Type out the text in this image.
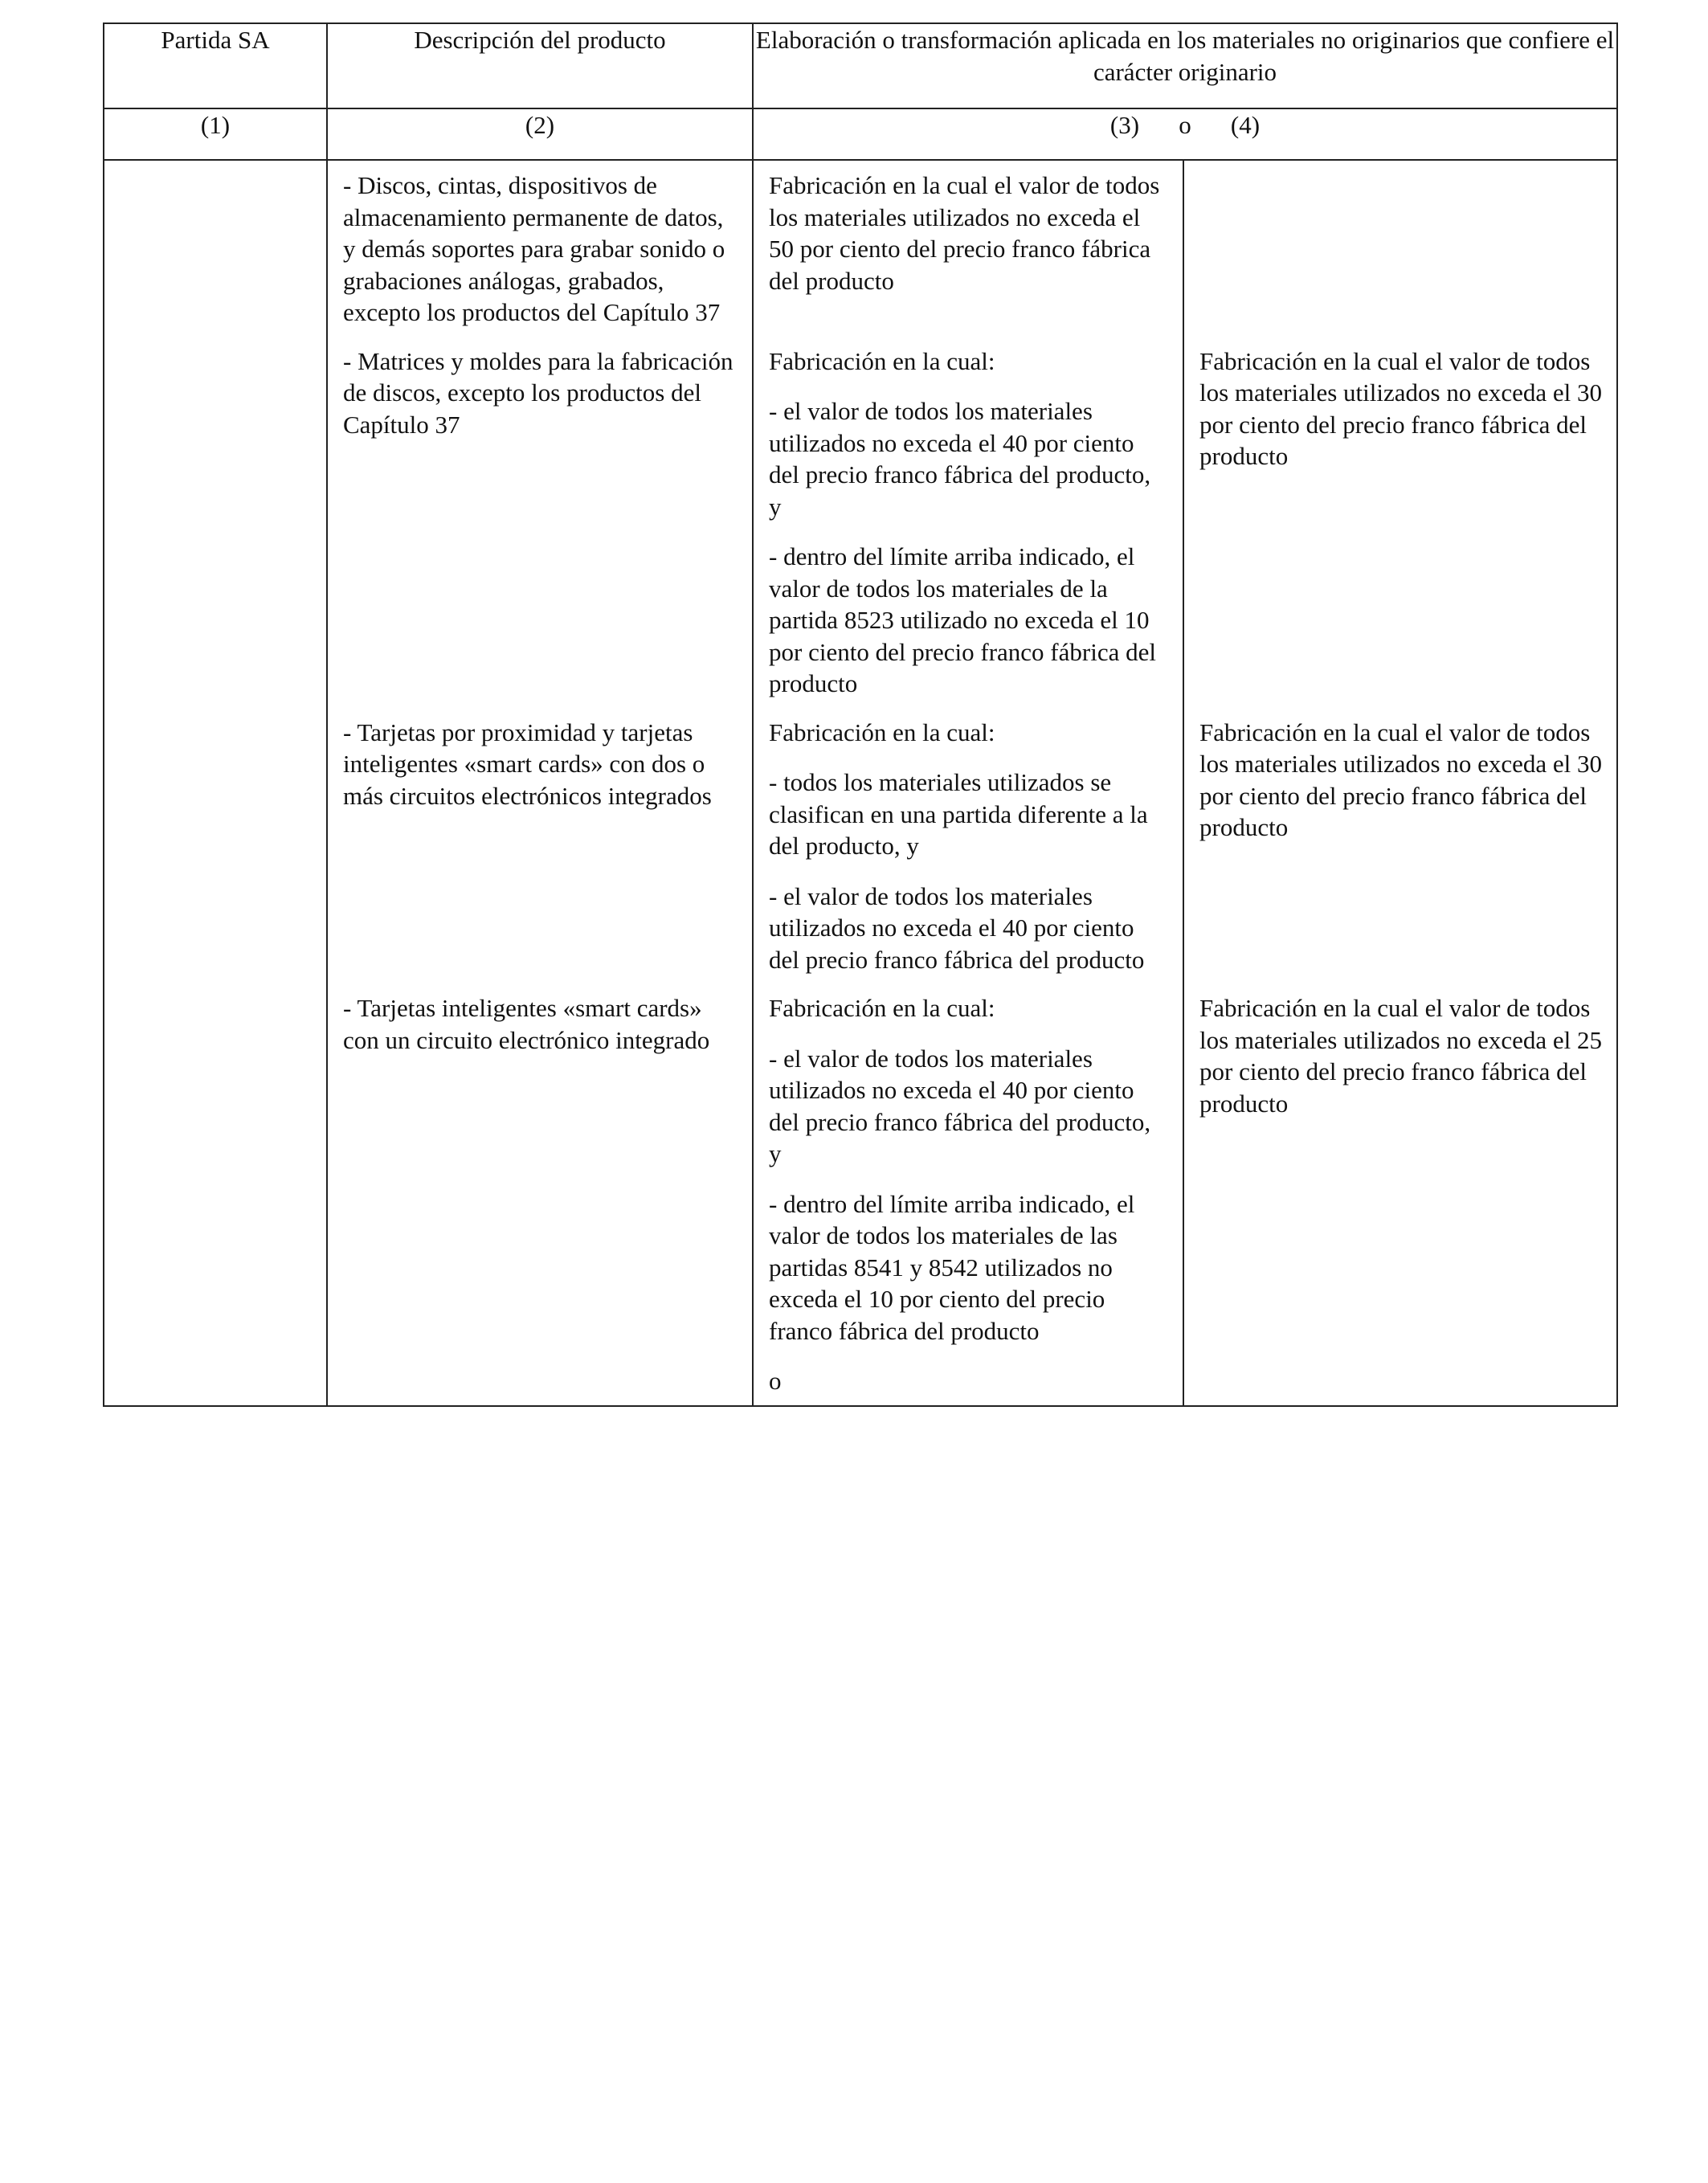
Partida SA	Descripción del producto	Elaboración o transformación aplicada en los materiales no originarios que confiere el carácter originario	
(1)	(2)	(3) o (4)	

	- Discos, cintas, dispositivos de almacenamiento permanente de datos, y demás soportes para grabar sonido o grabaciones análogas, grabados, excepto los productos del Capítulo 37	Fabricación en la cual el valor de todos los materiales utilizados no exceda el 50 por ciento del precio franco fábrica del producto	

	- Matrices y moldes para la fabricación de discos, excepto los productos del Capítulo 37	Fabricación en la cual:
- el valor de todos los materiales utilizados no exceda el 40 por ciento del precio franco fábrica del producto, y
- dentro del límite arriba indicado, el valor de todos los materiales de la partida 8523 utilizado no exceda el 10 por ciento del precio franco fábrica del producto	Fabricación en la cual el valor de todos los materiales utilizados no exceda el 30 por ciento del precio franco fábrica del producto

	- Tarjetas por proximidad y tarjetas inteligentes «smart cards» con dos o más circuitos electrónicos integrados	Fabricación en la cual:
- todos los materiales utilizados se clasifican en una partida diferente a la del producto, y
- el valor de todos los materiales utilizados no exceda el 40 por ciento del precio franco fábrica del producto	Fabricación en la cual el valor de todos los materiales utilizados no exceda el 30 por ciento del precio franco fábrica del producto

	- Tarjetas inteligentes «smart cards» con un circuito electrónico integrado	Fabricación en la cual:
- el valor de todos los materiales utilizados no exceda el 40 por ciento del precio franco fábrica del producto, y
- dentro del límite arriba indicado, el valor de todos los materiales de las partidas 8541 y 8542 utilizados no exceda el 10 por ciento del precio franco fábrica del producto
o	Fabricación en la cual el valor de todos los materiales utilizados no exceda el 25 por ciento del precio franco fábrica del producto
